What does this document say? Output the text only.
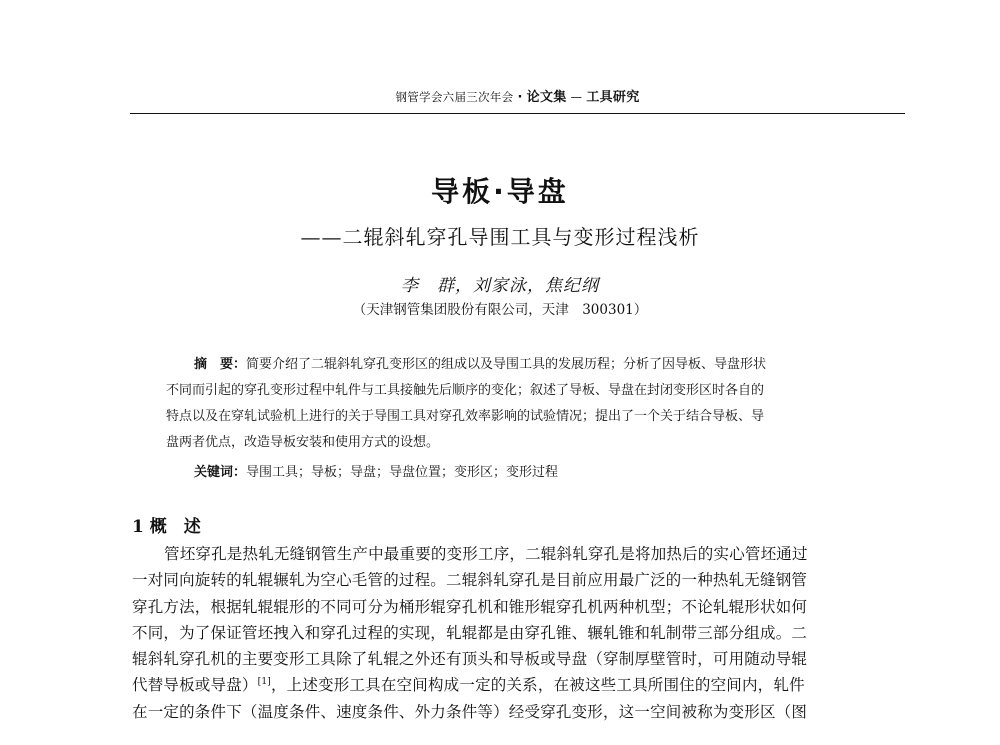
钢管学会六届三次年会 · 论文集 — 工具研究
导板·导盘
——二辊斜轧穿孔导围工具与变形过程浅析
李　群，刘家泳，焦纪纲
（天津钢管集团股份有限公司，天津　300301）
摘　要：简要介绍了二辊斜轧穿孔变形区的组成以及导围工具的发展历程；分析了因导板、导盘形状
不同而引起的穿孔变形过程中轧件与工具接触先后顺序的变化；叙述了导板、导盘在封闭变形区时各自的
特点以及在穿轧试验机上进行的关于导围工具对穿孔效率影响的试验情况；提出了一个关于结合导板、导
盘两者优点，改造导板安装和使用方式的设想。
关键词：导围工具；导板；导盘；导盘位置；变形区；变形过程
1 概　述
管坯穿孔是热轧无缝钢管生产中最重要的变形工序，二辊斜轧穿孔是将加热后的实心管坯通过
一对同向旋转的轧辊辗轧为空心毛管的过程。二辊斜轧穿孔是目前应用最广泛的一种热轧无缝钢管
穿孔方法，根据轧辊辊形的不同可分为桶形辊穿孔机和锥形辊穿孔机两种机型；不论轧辊形状如何
不同，为了保证管坯拽入和穿孔过程的实现，轧辊都是由穿孔锥、辗轧锥和轧制带三部分组成。二
辊斜轧穿孔机的主要变形工具除了轧辊之外还有顶头和导板或导盘（穿制厚壁管时，可用随动导辊
代替导板或导盘）[1]，上述变形工具在空间构成一定的关系，在被这些工具所围住的空间内，轧件
在一定的条件下（温度条件、速度条件、外力条件等）经受穿孔变形，这一空间被称为变形区（图
